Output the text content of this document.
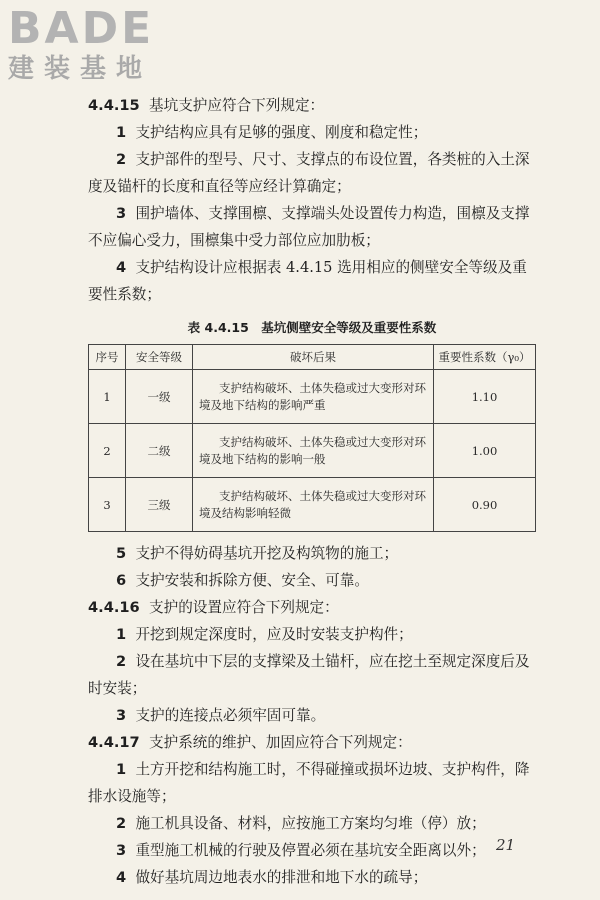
BADE
建装基地

4.4.15 基坑支护应符合下列规定：

1 支护结构应具有足够的强度、刚度和稳定性；

2 支护部件的型号、尺寸、支撑点的布设位置，各类桩的入土深度及锚杆的长度和直径等应经计算确定；

3 围护墙体、支撑围檩、支撑端头处设置传力构造，围檩及支撑不应偏心受力，围檩集中受力部位应加肋板；

4 支护结构设计应根据表 4.4.15 选用相应的侧壁安全等级及重要性系数；

表 4.4.15　基坑侧壁安全等级及重要性系数
序号	安全等级	破坏后果	重要性系数（γ₀）
1	一级	支护结构破坏、土体失稳或过大变形对环境及地下结构的影响严重	1.10
2	二级	支护结构破坏、土体失稳或过大变形对环境及地下结构的影响一般	1.00
3	三级	支护结构破坏、土体失稳或过大变形对环境及结构影响轻微	0.90

5 支护不得妨碍基坑开挖及构筑物的施工；

6 支护安装和拆除方便、安全、可靠。

4.4.16 支护的设置应符合下列规定：

1 开挖到规定深度时，应及时安装支护构件；

2 设在基坑中下层的支撑梁及土锚杆，应在挖土至规定深度后及时安装；

3 支护的连接点必须牢固可靠。

4.4.17 支护系统的维护、加固应符合下列规定：

1 土方开挖和结构施工时，不得碰撞或损坏边坡、支护构件，降排水设施等；

2 施工机具设备、材料，应按施工方案均匀堆（停）放；

3 重型施工机械的行驶及停置必须在基坑安全距离以外；

4 做好基坑周边地表水的排泄和地下水的疏导；

21
